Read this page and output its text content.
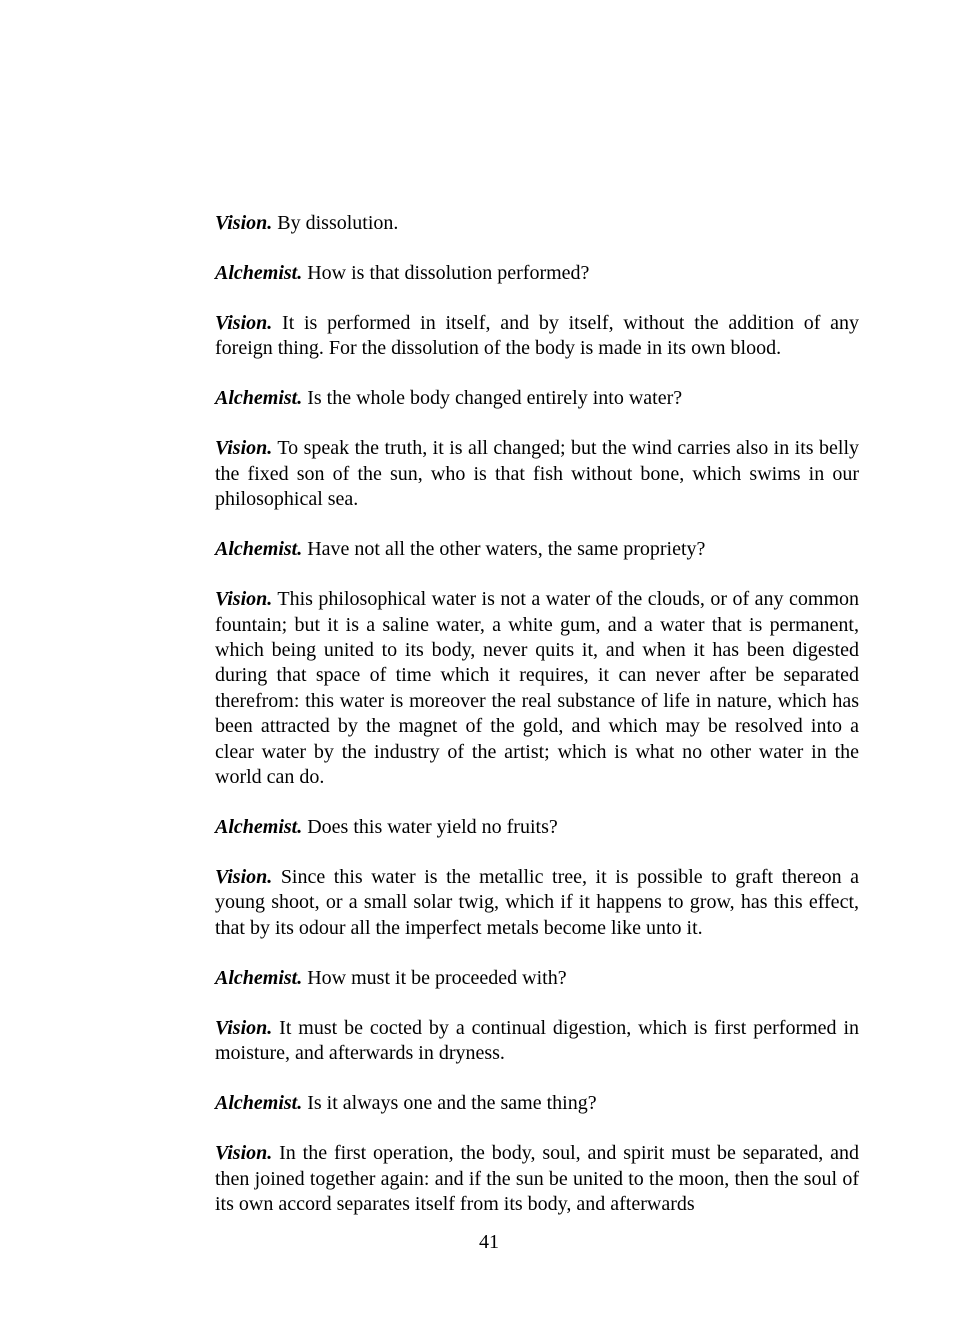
Vision. By dissolution.

Alchemist. How is that dissolution performed?

Vision. It is performed in itself, and by itself, without the addition of any foreign thing. For the dissolution of the body is made in its own blood.

Alchemist. Is the whole body changed entirely into water?

Vision. To speak the truth, it is all changed; but the wind carries also in its belly the fixed son of the sun, who is that fish without bone, which swims in our philosophical sea.

Alchemist. Have not all the other waters, the same propriety?

Vision. This philosophical water is not a water of the clouds, or of any common fountain; but it is a saline water, a white gum, and a water that is permanent, which being united to its body, never quits it, and when it has been digested during that space of time which it requires, it can never after be separated therefrom: this water is moreover the real substance of life in nature, which has been attracted by the magnet of the gold, and which may be resolved into a clear water by the industry of the artist; which is what no other water in the world can do.

Alchemist. Does this water yield no fruits?

Vision. Since this water is the metallic tree, it is possible to graft thereon a young shoot, or a small solar twig, which if it happens to grow, has this effect, that by its odour all the imperfect metals become like unto it.

Alchemist. How must it be proceeded with?

Vision. It must be cocted by a continual digestion, which is first performed in moisture, and afterwards in dryness.

Alchemist. Is it always one and the same thing?

Vision. In the first operation, the body, soul, and spirit must be separated, and then joined together again: and if the sun be united to the moon, then the soul of its own accord separates itself from its body, and afterwards

41
